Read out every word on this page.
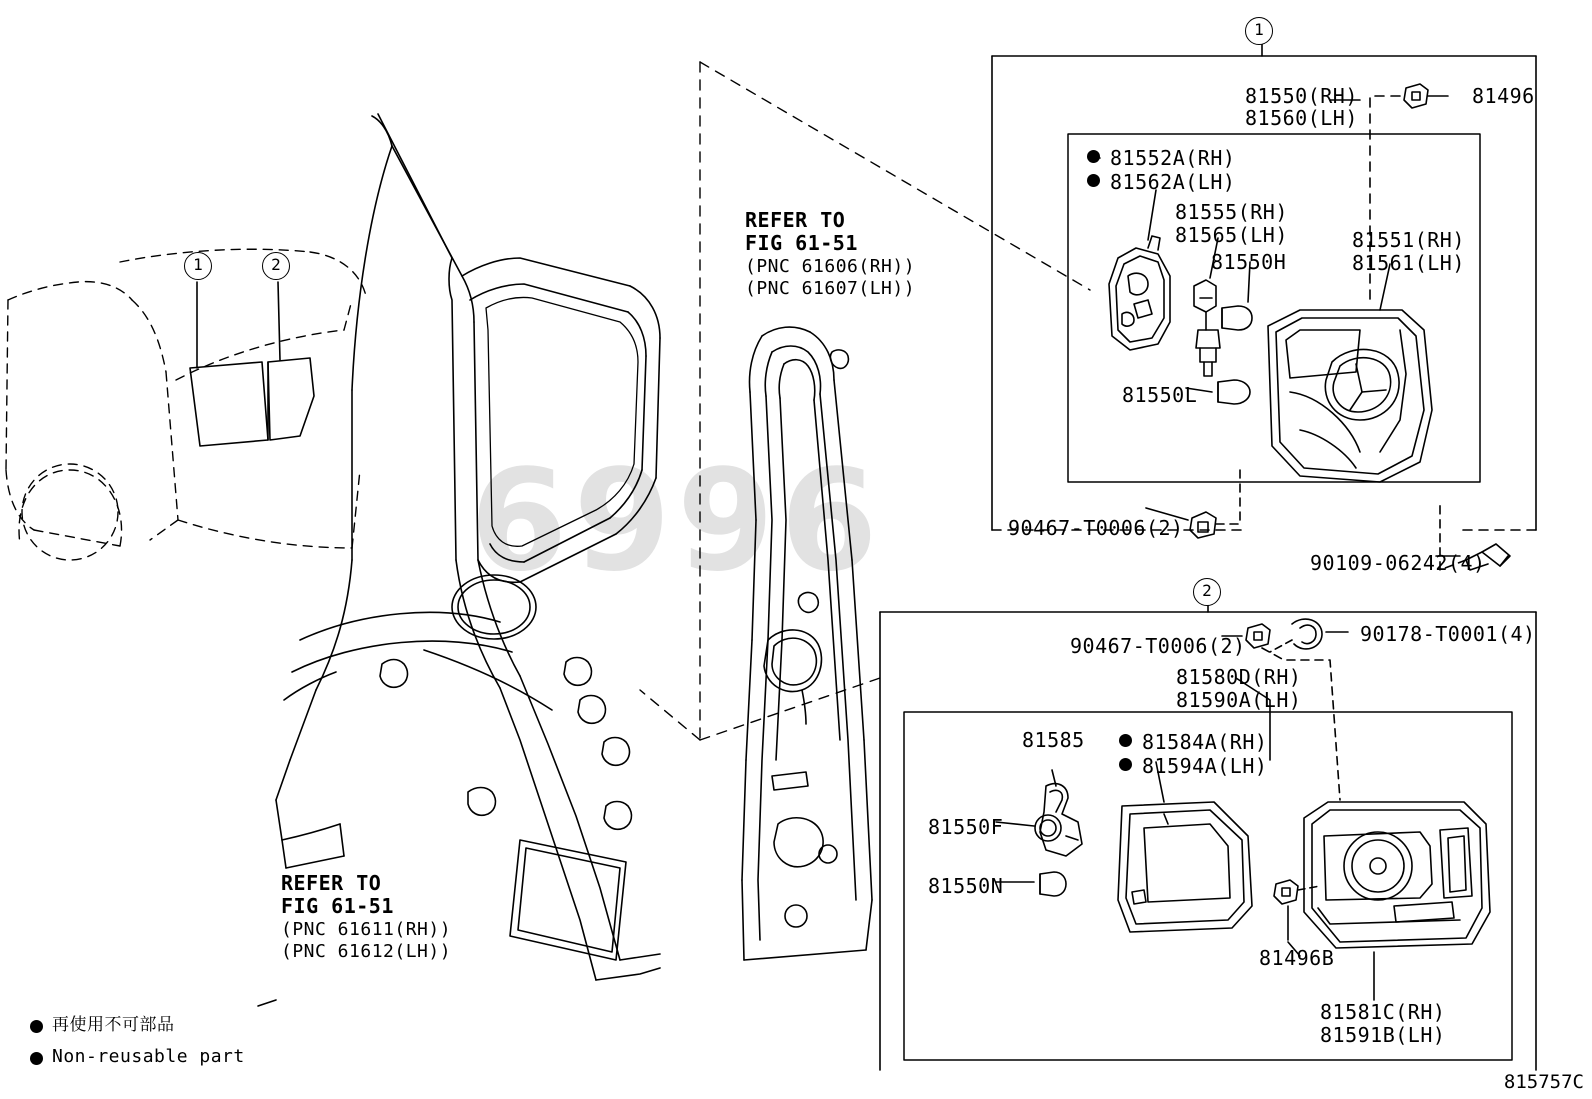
6996
1	2
1
2
REFER TO
FIG 61-51
(PNC 61606(RH))
(PNC 61607(LH))
REFER TO
FIG 61-51
(PNC 61611(RH))
(PNC 61612(LH))
81550(RH)
81560(LH)
81496
81552A(RH)
81562A(LH)
81555(RH)
81565(LH)
81550H
81551(RH)
81561(LH)
81550L
90467-T0006(2)
90109-06242(4)
90467-T0006(2)	90178-T0001(4)
81580D(RH)
81590A(LH)
81585	81584A(RH)
81594A(LH)
81550F
81550N
81496B
81581C(RH)
81591B(LH)
再使用不可部品
Non-reusable part
815757C
